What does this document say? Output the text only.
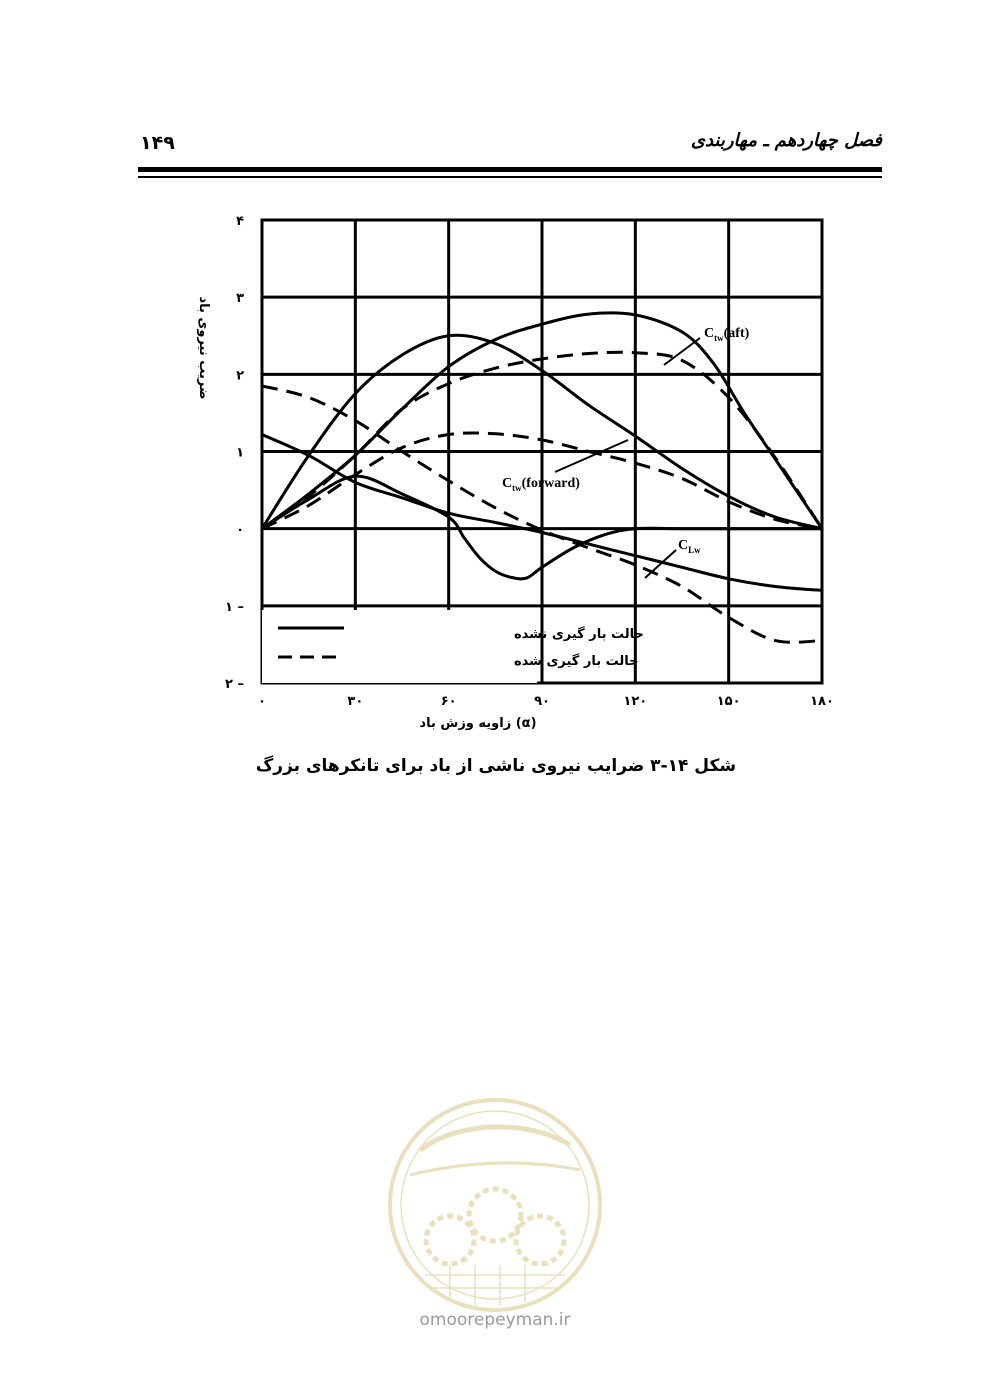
۱۴۹	فصل چهاردهم ـ مهاربندی
۰	۳۰	۶۰	۹۰	۱۲۰	۱۵۰	۱۸۰
۲ –
۱ –
۰
۱
۲
۳
۴
$C_{tw}(aft)$
$C_{tw}(forward)$
$C_{Lw}$
ضریب نیروی باد
(α) زاویه وزش باد
حالت بار گیری نشده
حالت بار گیری شده
شکل ۱۴-۳ ضرایب نیروی ناشی از باد برای تانکرهای بزرگ
omoorepeyman.ir
